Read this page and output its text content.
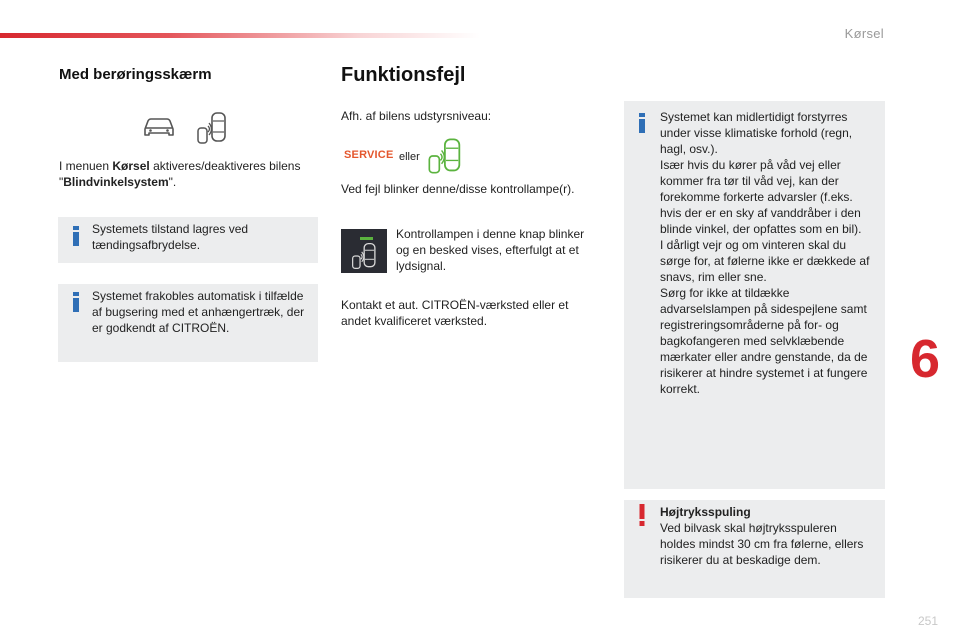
Kørsel
6
251
Med berøringsskærm
I menuen Kørsel aktiveres/deaktiveres bilens
"Blindvinkelsystem".
Systemets tilstand lagres ved
tændingsafbrydelse.
Systemet frakobles automatisk i tilfælde
af bugsering med et anhængertræk, der
er godkendt af CITROËN.
Funktionsfejl
Afh. af bilens udstyrsniveau:
SERVICE eller
Ved fejl blinker denne/disse kontrollampe(r).
Kontrollampen i denne knap blinker
og en besked vises, efterfulgt at et
lydsignal.
Kontakt et aut. CITROËN-værksted eller et
andet kvalificeret værksted.
Systemet kan midlertidigt forstyrres
under visse klimatiske forhold (regn,
hagl, osv.).
Især hvis du kører på våd vej eller
kommer fra tør til våd vej, kan der
forekomme forkerte advarsler (f.eks.
hvis der er en sky af vanddråber i den
blinde vinkel, der opfattes som en bil).
I dårligt vejr og om vinteren skal du
sørge for, at følerne ikke er dækkede af
snavs, rim eller sne.
Sørg for ikke at tildække
advarselslampen på sidespejlene samt
registreringsområderne på for- og
bagkofangeren med selvklæbende
mærkater eller andre genstande, da de
risikerer at hindre systemet i at fungere
korrekt.
Højtryksspuling
Ved bilvask skal højtryksspuleren
holdes mindst 30 cm fra følerne, ellers
risikerer du at beskadige dem.
